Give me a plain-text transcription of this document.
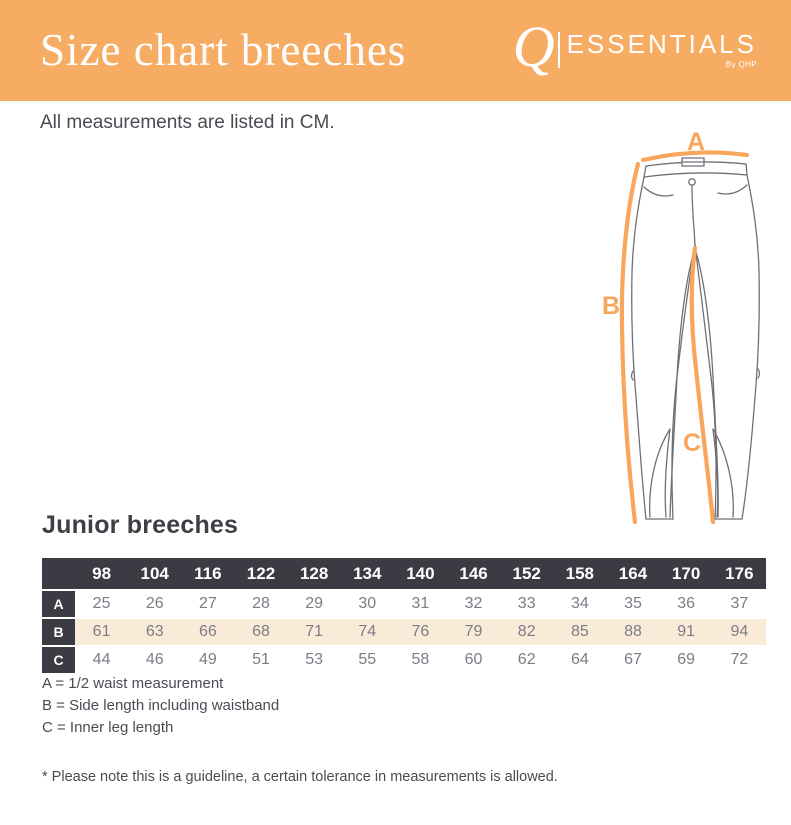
Size chart breeches Q ESSENTIALS
By QHP

All measurements are listed in CM.

A
B
C
Junior breeches
	98	104	116	122	128	134	140	146	152	158	164	170	176
A	25	26	27	28	29	30	31	32	33	34	35	36	37
B	61	63	66	68	71	74	76	79	82	85	88	91	94
C	44	46	49	51	53	55	58	60	62	64	67	69	72

A = 1/2 waist measurement

B = Side length including waistband

C = Inner leg length

* Please note this is a guideline, a certain tolerance in measurements is allowed.
